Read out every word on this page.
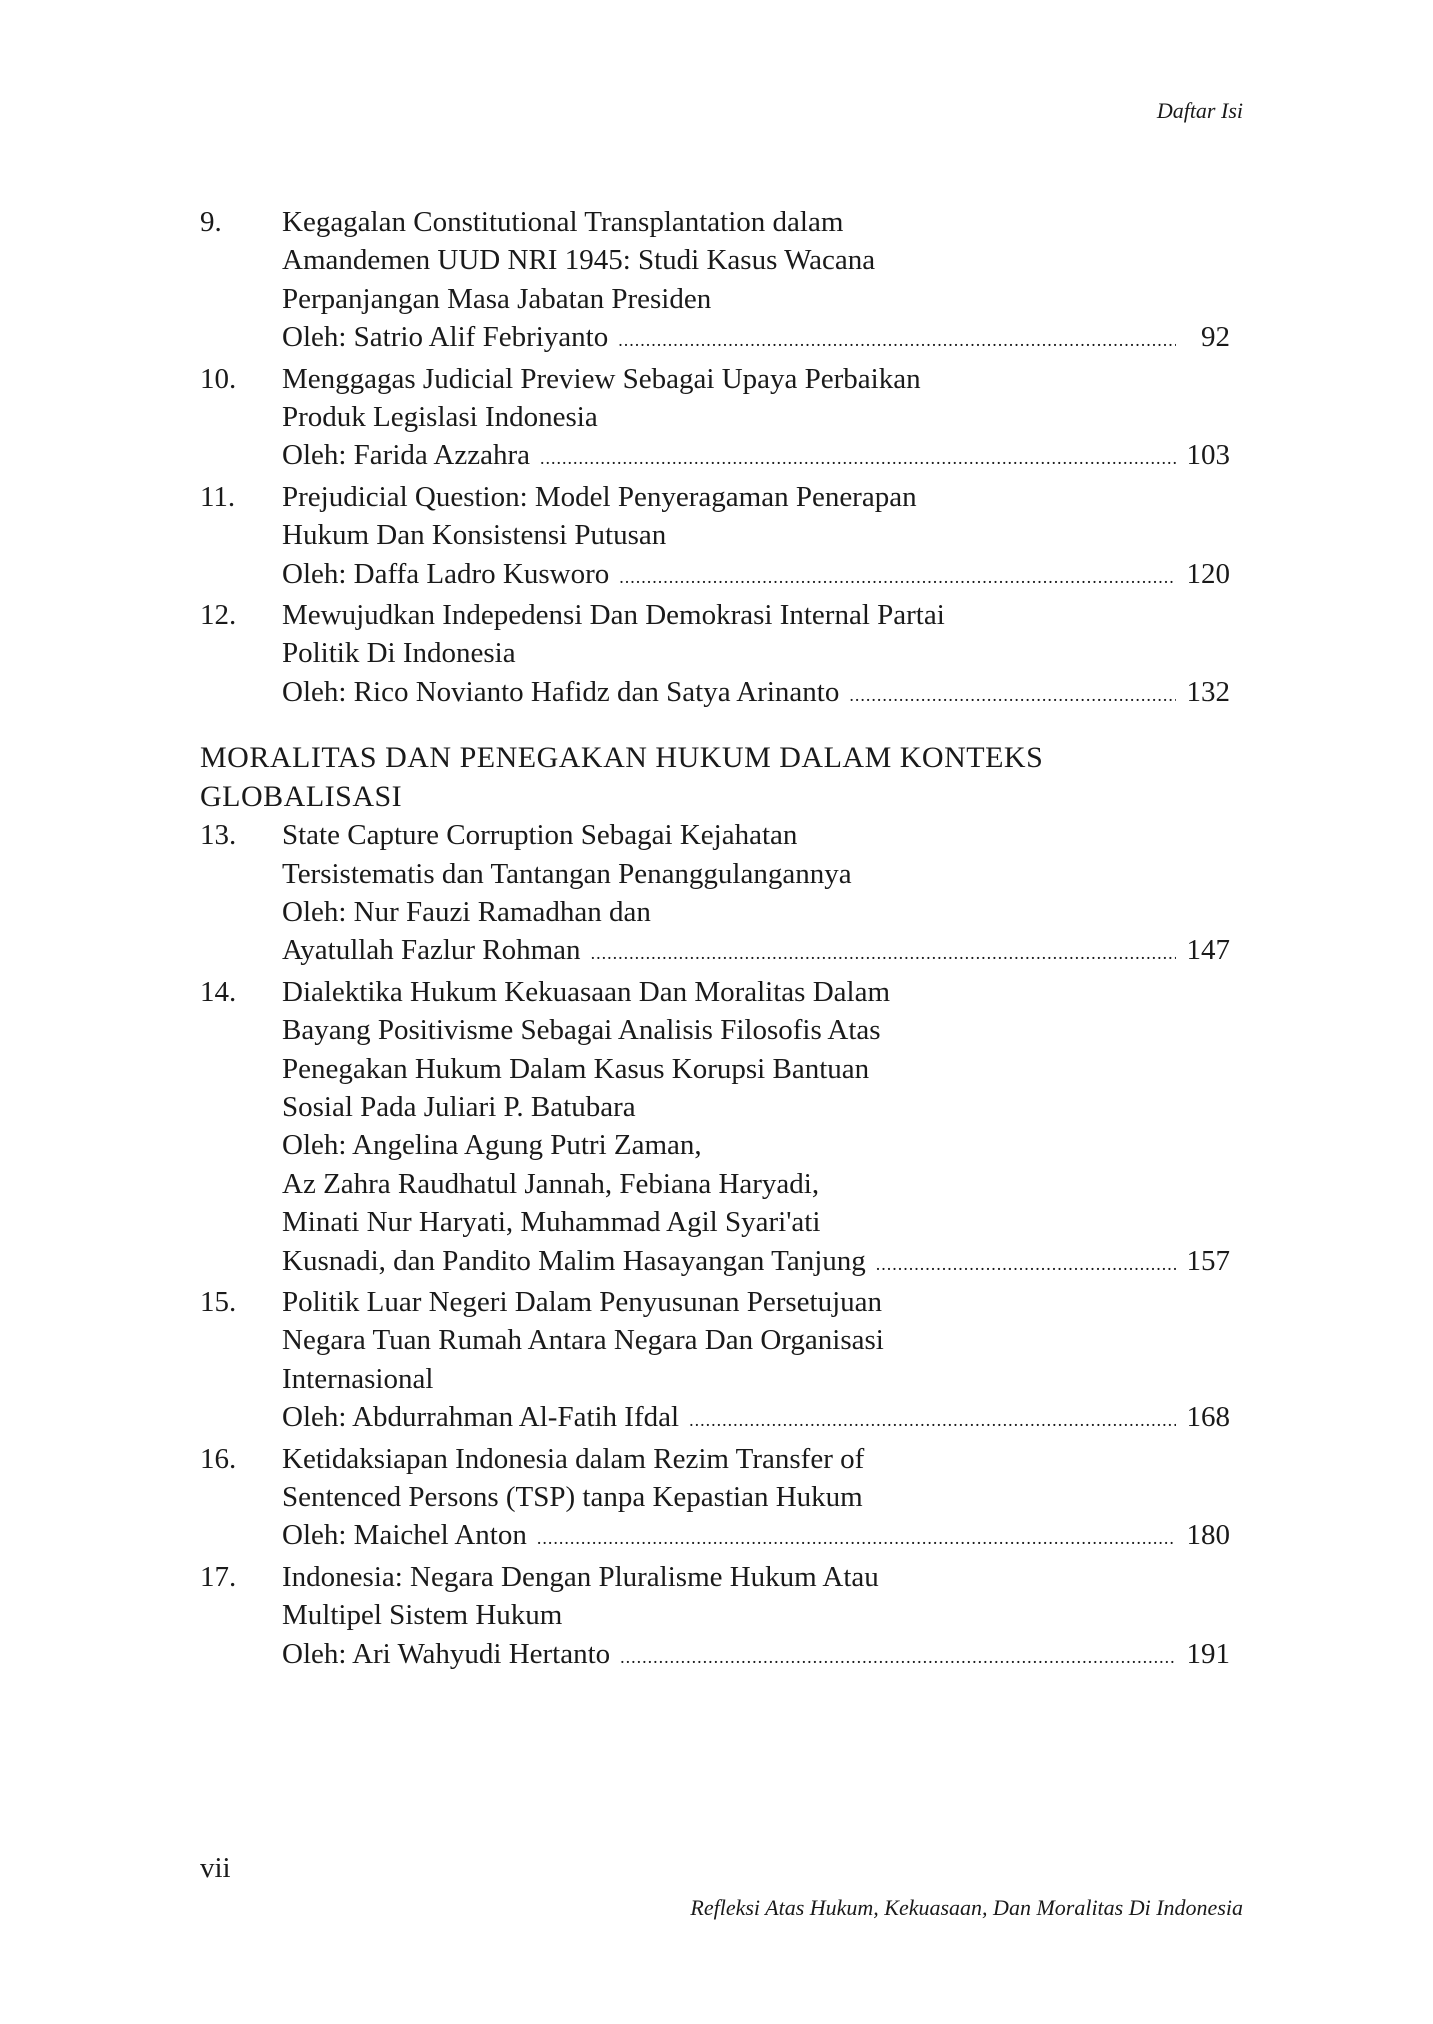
Daftar Isi
9. Kegagalan Constitutional Transplantation dalam
Amandemen UUD NRI 1945: Studi Kasus Wacana
Perpanjangan Masa Jabatan Presiden
Oleh: Satrio Alif Febriyanto .....	92
10. Menggagas Judicial Preview Sebagai Upaya Perbaikan
Produk Legislasi Indonesia
Oleh: Farida Azzahra .....	103
11. Prejudicial Question: Model Penyeragaman Penerapan
Hukum Dan Konsistensi Putusan
Oleh: Daffa Ladro Kusworo .....	120
12. Mewujudkan Indepedensi Dan Demokrasi Internal Partai
Politik Di Indonesia
Oleh: Rico Novianto Hafidz dan Satya Arinanto .....	132
MORALITAS DAN PENEGAKAN HUKUM DALAM KONTEKS
GLOBALISASI
13. State Capture Corruption Sebagai Kejahatan
Tersistematis dan Tantangan Penanggulangannya
Oleh: Nur Fauzi Ramadhan dan
Ayatullah Fazlur Rohman .....	147
14. Dialektika Hukum Kekuasaan Dan Moralitas Dalam
Bayang Positivisme Sebagai Analisis Filosofis Atas
Penegakan Hukum Dalam Kasus Korupsi Bantuan
Sosial Pada Juliari P. Batubara
Oleh: Angelina Agung Putri Zaman,
Az Zahra Raudhatul Jannah, Febiana Haryadi,
Minati Nur Haryati, Muhammad Agil Syari'ati
Kusnadi, dan Pandito Malim Hasayangan Tanjung .....	157
15. Politik Luar Negeri Dalam Penyusunan Persetujuan
Negara Tuan Rumah Antara Negara Dan Organisasi
Internasional
Oleh: Abdurrahman Al-Fatih Ifdal .....	168
16. Ketidaksiapan Indonesia dalam Rezim Transfer of
Sentenced Persons (TSP) tanpa Kepastian Hukum
Oleh: Maichel Anton .....	180
17. Indonesia: Negara Dengan Pluralisme Hukum Atau
Multipel Sistem Hukum
Oleh: Ari Wahyudi Hertanto .....	191
vii
Refleksi Atas Hukum, Kekuasaan, Dan Moralitas Di Indonesia
